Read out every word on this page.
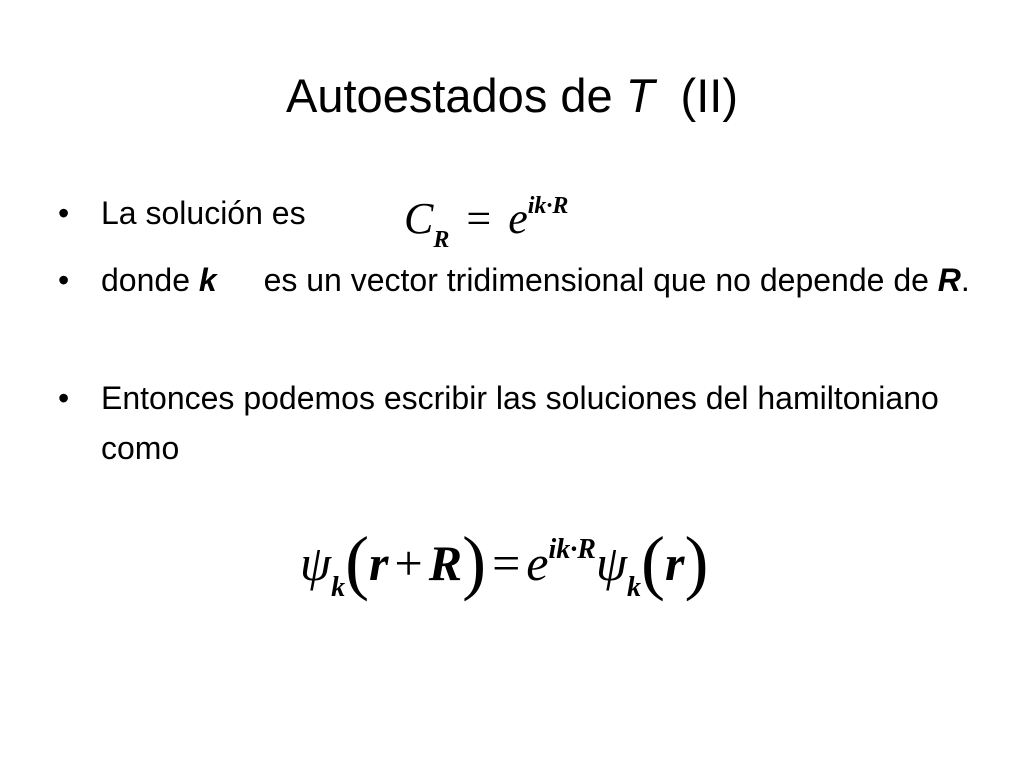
Autoestados de T  (II)
• La solución es	$C_R = e^{ik\cdot R}$
• donde k es un vector tridimensional que no depende de R.
• Entonces podemos escribir las soluciones del hamiltoniano como
$\psi_k(r + R) = e^{ik\cdot R}\psi_k(r)$
